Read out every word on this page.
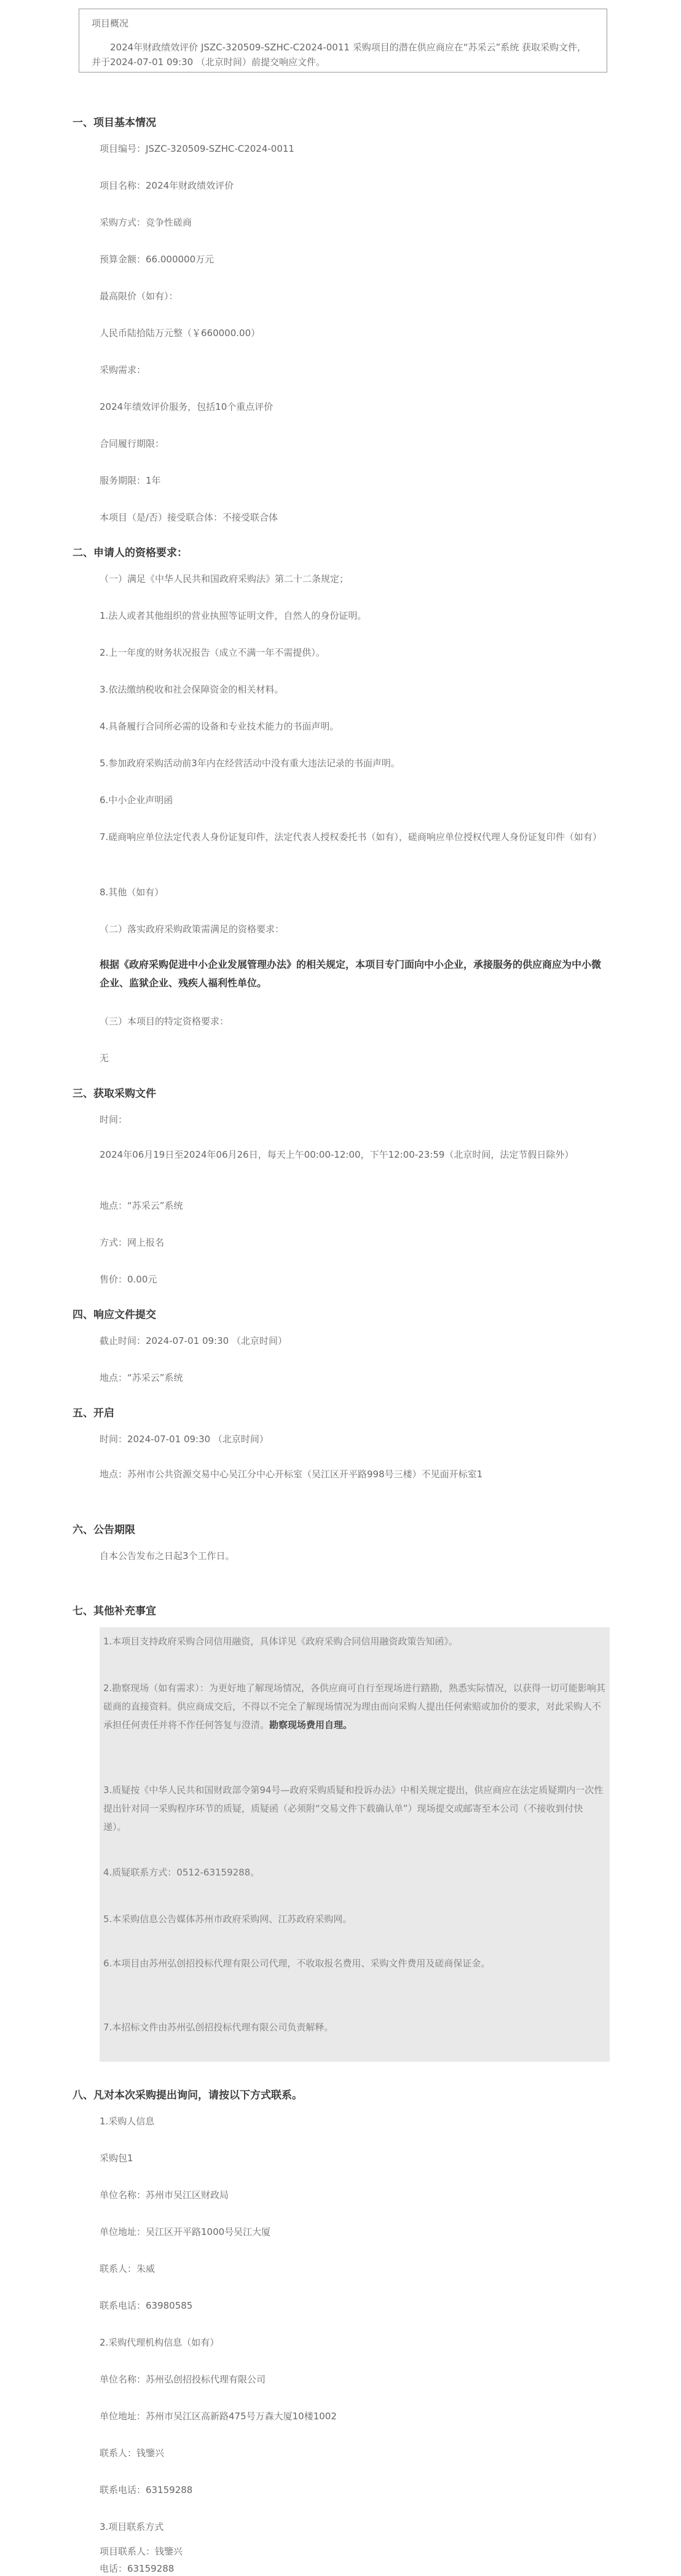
项目概况
2024年财政绩效评价 JSZC-320509-SZHC-C2024-0011 采购项目的潜在供应商应在“苏采云”系统 获取采购文件，并于2024-07-01 09:30 （北京时间）前提交响应文件。
一、项目基本情况
项目编号：JSZC-320509-SZHC-C2024-0011
项目名称：2024年财政绩效评价
采购方式：竞争性磋商
预算金额：66.000000万元
最高限价（如有）：
人民币陆拾陆万元整（￥660000.00）
采购需求：
2024年绩效评价服务，包括10个重点评价
合同履行期限：
服务期限：1年
本项目（是/否）接受联合体：不接受联合体
二、申请人的资格要求：
（一）满足《中华人民共和国政府采购法》第二十二条规定；
1.法人或者其他组织的营业执照等证明文件，自然人的身份证明。
2.上一年度的财务状况报告（成立不满一年不需提供）。
3.依法缴纳税收和社会保障资金的相关材料。
4.具备履行合同所必需的设备和专业技术能力的书面声明。
5.参加政府采购活动前3年内在经营活动中没有重大违法记录的书面声明。
6.中小企业声明函
7.磋商响应单位法定代表人身份证复印件，法定代表人授权委托书（如有），磋商响应单位授权代理人身份证复印件（如有）
8.其他（如有）
（二）落实政府采购政策需满足的资格要求：
根据《政府采购促进中小企业发展管理办法》的相关规定，本项目专门面向中小企业，承接服务的供应商应为中小微企业、监狱企业、残疾人福利性单位。
（三）本项目的特定资格要求：
无
三、获取采购文件
时间：
2024年06月19日至2024年06月26日，每天上午00:00-12:00，下午12:00-23:59（北京时间，法定节假日除外）
地点：“苏采云”系统
方式：网上报名
售价：0.00元
四、响应文件提交
截止时间：2024-07-01 09:30 （北京时间）
地点：“苏采云”系统
五、开启
时间：2024-07-01 09:30 （北京时间）
地点：苏州市公共资源交易中心吴江分中心开标室（吴江区开平路998号三楼）不见面开标室1
六、公告期限
自本公告发布之日起3个工作日。
七、其他补充事宜
1.本项目支持政府采购合同信用融资，具体详见《政府采购合同信用融资政策告知函》。
2.勘察现场（如有需求）：为更好地了解现场情况，各供应商可自行至现场进行踏勘，熟悉实际情况，以获得一切可能影响其磋商的直接资料。供应商成交后，不得以不完全了解现场情况为理由而向采购人提出任何索赔或加价的要求，对此采购人不承担任何责任并将不作任何答复与澄清。勘察现场费用自理。
3.质疑按《中华人民共和国财政部令第94号—政府采购质疑和投诉办法》中相关规定提出，供应商应在法定质疑期内一次性提出针对同一采购程序环节的质疑，质疑函（必须附“交易文件下载确认单”）现场提交或邮寄至本公司（不接收到付快递）。
4.质疑联系方式：0512-63159288。
5.本采购信息公告媒体苏州市政府采购网、江苏政府采购网。
6.本项目由苏州弘创招投标代理有限公司代理，不收取报名费用、采购文件费用及磋商保证金。
7.本招标文件由苏州弘创招投标代理有限公司负责解释。
八、凡对本次采购提出询问，请按以下方式联系。
1.采购人信息
采购包1
单位名称：苏州市吴江区财政局
单位地址：吴江区开平路1000号吴江大厦
联系人：朱威
联系电话：63980585
2.采购代理机构信息（如有）
单位名称：苏州弘创招投标代理有限公司
单位地址：苏州市吴江区高新路475号万森大厦10楼1002
联系人：钱鑒兴
联系电话：63159288
3.项目联系方式
项目联系人：钱鑒兴
电话：63159288
